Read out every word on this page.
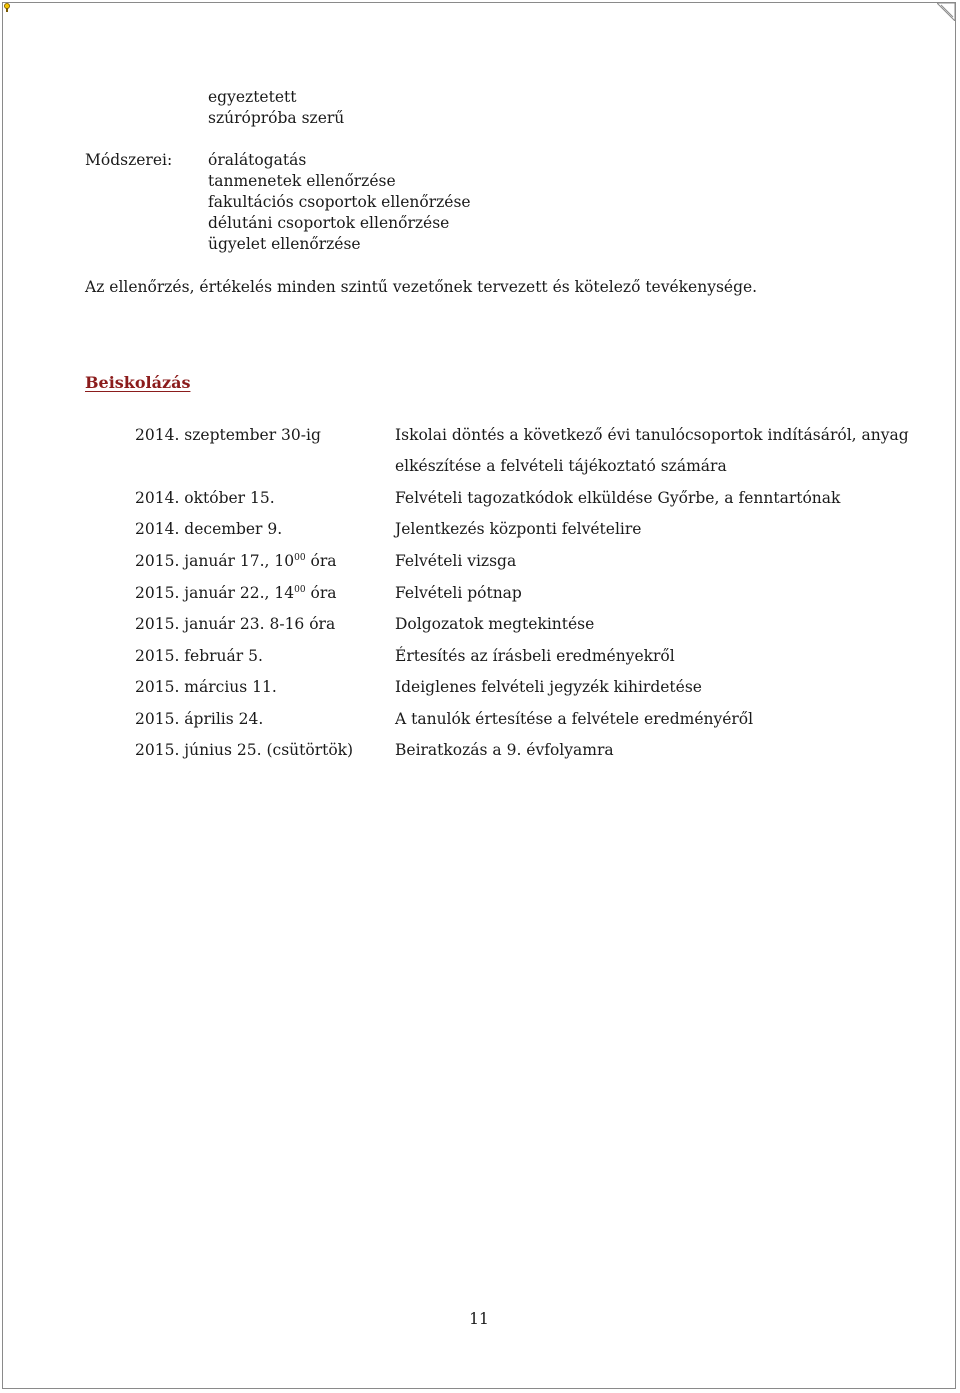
egyeztetett
szúrópróba szerű
Módszerei: óralátogatás
tanmenetek ellenőrzése
fakultációs csoportok ellenőrzése
délutáni csoportok ellenőrzése
ügyelet ellenőrzése
Az ellenőrzés, értékelés minden szintű vezetőnek tervezett és kötelező tevékenysége.
Beiskolázás
2014. szeptember 30-ig	Iskolai döntés a következő évi tanulócsoportok indításáról, anyag
elkészítése a felvételi tájékoztató számára
2014. október 15.	Felvételi tagozatkódok elküldése Győrbe, a fenntartónak
2014. december 9.	Jelentkezés központi felvételire
2015. január 17., $10^{00}$ óra	Felvételi vizsga
2015. január 22., $14^{00}$ óra	Felvételi pótnap
2015. január 23. 8-16 óra	Dolgozatok megtekintése
2015. február 5.	Értesítés az írásbeli eredményekről
2015. március 11.	Ideiglenes felvételi jegyzék kihirdetése
2015. április 24.	A tanulók értesítése a felvétele eredményéről
2015. június 25. (csütörtök)	Beiratkozás a 9. évfolyamra
11
